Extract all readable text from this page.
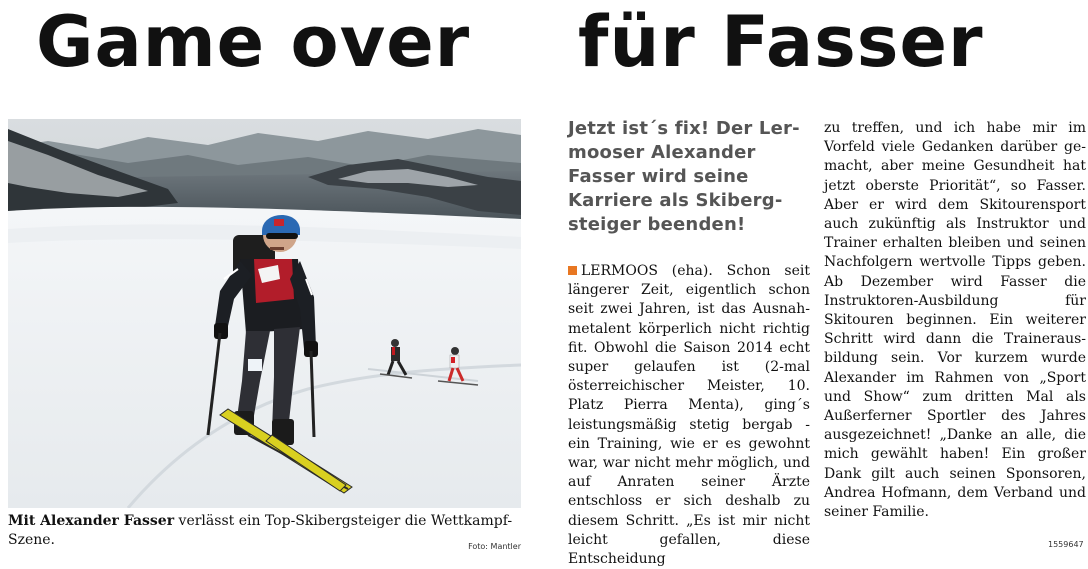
Game over für Fasser
Mit Alexander Fasser verlässt ein Top-Skibergsteiger die Wettkampf-Szene.	Foto: Mantler
Jetzt ist´s fix! Der Lermooser Alexander Fasser wird seine Karriere als Skibergsteiger beenden!

LERMOOS (eha). Schon seit längerer Zeit, eigentlich schon seit zwei Jahren, ist das Ausnahmetalent körperlich nicht richtig fit. Obwohl die Saison 2014 echt super gelaufen ist (2-mal österreichischer Meister, 10. Platz Pierra Menta), ging´s leistungsmäßig stetig bergab - ein Training, wie er es gewohnt war, war nicht mehr möglich, und auf Anraten seiner Ärzte entschloss er sich deshalb zu diesem Schritt. „Es ist mir nicht leicht gefallen, diese Entscheidung

zu treffen, und ich habe mir im Vorfeld viele Gedanken darüber gemacht, aber meine Gesundheit hat jetzt oberste Priorität“, so Fasser. Aber er wird dem Skitourensport auch zukünftig als Instruktor und Trainer erhalten bleiben und seinen Nachfolgern wertvolle Tipps geben. Ab Dezember wird Fasser die Instruktoren-Ausbildung für Skitouren beginnen. Ein weiterer Schritt wird dann die Trainerausbildung sein. Vor kurzem wurde Alexander im Rahmen von „Sport und Show“ zum dritten Mal als Außerferner Sportler des Jahres ausgezeichnet! „Danke an alle, die mich gewählt haben! Ein großer Dank gilt auch seinen Sponsoren, Andrea Hofmann, dem Verband und seiner Familie.

1559647
